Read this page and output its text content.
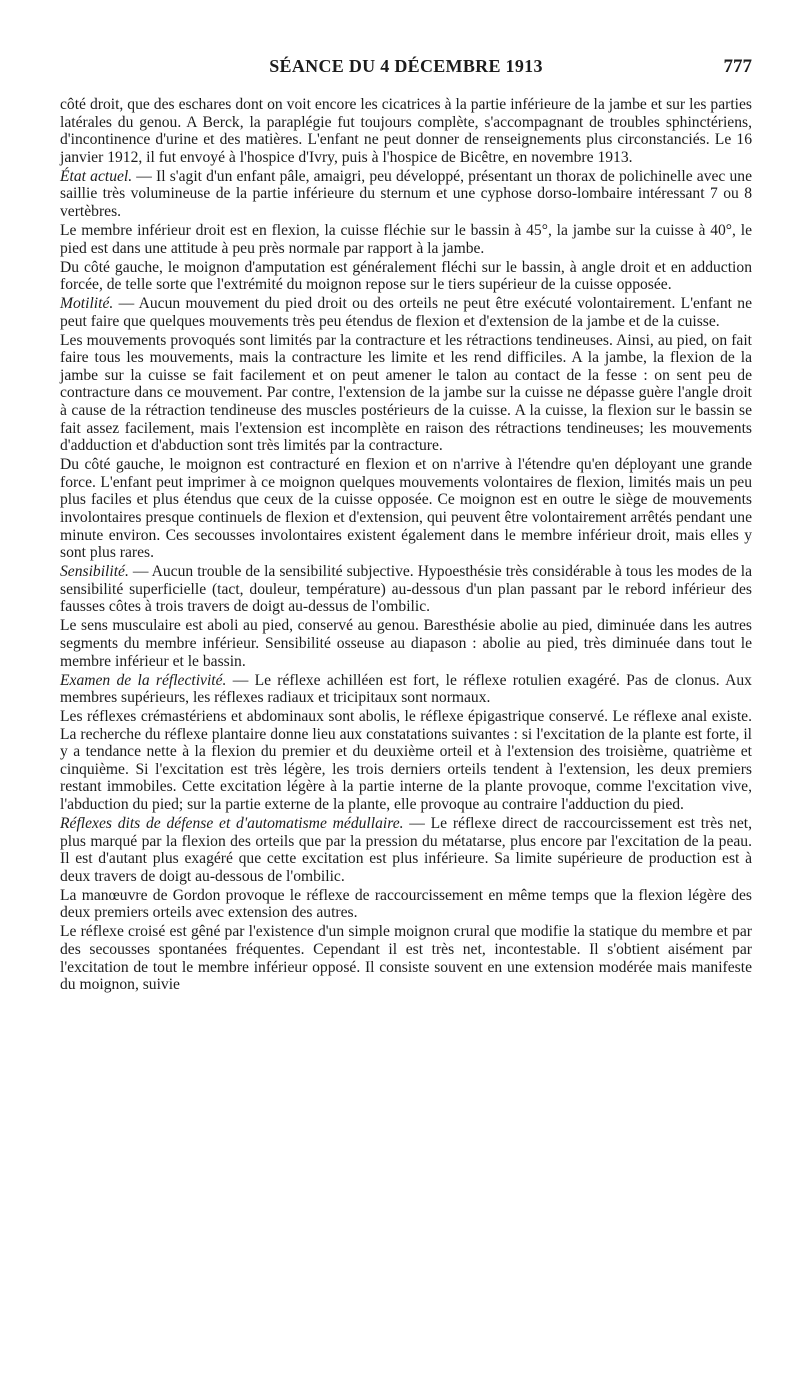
SÉANCE DU 4 DÉCEMBRE 1913	777

côté droit, que des eschares dont on voit encore les cicatrices à la partie inférieure de la jambe et sur les parties latérales du genou. A Berck, la paraplégie fut toujours complète, s'accompagnant de troubles sphinctériens, d'incontinence d'urine et des matières. L'enfant ne peut donner de renseignements plus circonstanciés. Le 16 janvier 1912, il fut envoyé à l'hospice d'Ivry, puis à l'hospice de Bicêtre, en novembre 1913.

État actuel. — Il s'agit d'un enfant pâle, amaigri, peu développé, présentant un thorax de polichinelle avec une saillie très volumineuse de la partie inférieure du sternum et une cyphose dorso-lombaire intéressant 7 ou 8 vertèbres.

Le membre inférieur droit est en flexion, la cuisse fléchie sur le bassin à 45°, la jambe sur la cuisse à 40°, le pied est dans une attitude à peu près normale par rapport à la jambe.

Du côté gauche, le moignon d'amputation est généralement fléchi sur le bassin, à angle droit et en adduction forcée, de telle sorte que l'extrémité du moignon repose sur le tiers supérieur de la cuisse opposée.

Motilité. — Aucun mouvement du pied droit ou des orteils ne peut être exécuté volontairement. L'enfant ne peut faire que quelques mouvements très peu étendus de flexion et d'extension de la jambe et de la cuisse.

Les mouvements provoqués sont limités par la contracture et les rétractions tendineuses. Ainsi, au pied, on fait faire tous les mouvements, mais la contracture les limite et les rend difficiles. A la jambe, la flexion de la jambe sur la cuisse se fait facilement et on peut amener le talon au contact de la fesse : on sent peu de contracture dans ce mouvement. Par contre, l'extension de la jambe sur la cuisse ne dépasse guère l'angle droit à cause de la rétraction tendineuse des muscles postérieurs de la cuisse. A la cuisse, la flexion sur le bassin se fait assez facilement, mais l'extension est incomplète en raison des rétractions tendineuses; les mouvements d'adduction et d'abduction sont très limités par la contracture.

Du côté gauche, le moignon est contracturé en flexion et on n'arrive à l'étendre qu'en déployant une grande force. L'enfant peut imprimer à ce moignon quelques mouvements volontaires de flexion, limités mais un peu plus faciles et plus étendus que ceux de la cuisse opposée. Ce moignon est en outre le siège de mouvements involontaires presque continuels de flexion et d'extension, qui peuvent être volontairement arrêtés pendant une minute environ. Ces secousses involontaires existent également dans le membre inférieur droit, mais elles y sont plus rares.

Sensibilité. — Aucun trouble de la sensibilité subjective. Hypoesthésie très considérable à tous les modes de la sensibilité superficielle (tact, douleur, température) au-dessous d'un plan passant par le rebord inférieur des fausses côtes à trois travers de doigt au-dessus de l'ombilic.

Le sens musculaire est aboli au pied, conservé au genou. Baresthésie abolie au pied, diminuée dans les autres segments du membre inférieur. Sensibilité osseuse au diapason : abolie au pied, très diminuée dans tout le membre inférieur et le bassin.

Examen de la réflectivité. — Le réflexe achilléen est fort, le réflexe rotulien exagéré. Pas de clonus. Aux membres supérieurs, les réflexes radiaux et tricipitaux sont normaux.

Les réflexes crémastériens et abdominaux sont abolis, le réflexe épigastrique conservé. Le réflexe anal existe. La recherche du réflexe plantaire donne lieu aux constatations suivantes : si l'excitation de la plante est forte, il y a tendance nette à la flexion du premier et du deuxième orteil et à l'extension des troisième, quatrième et cinquième. Si l'excitation est très légère, les trois derniers orteils tendent à l'extension, les deux premiers restant immobiles. Cette excitation légère à la partie interne de la plante provoque, comme l'excitation vive, l'abduction du pied; sur la partie externe de la plante, elle provoque au contraire l'adduction du pied.

Réflexes dits de défense et d'automatisme médullaire. — Le réflexe direct de raccourcissement est très net, plus marqué par la flexion des orteils que par la pression du métatarse, plus encore par l'excitation de la peau. Il est d'autant plus exagéré que cette excitation est plus inférieure. Sa limite supérieure de production est à deux travers de doigt au-dessous de l'ombilic.

La manœuvre de Gordon provoque le réflexe de raccourcissement en même temps que la flexion légère des deux premiers orteils avec extension des autres.

Le réflexe croisé est gêné par l'existence d'un simple moignon crural que modifie la statique du membre et par des secousses spontanées fréquentes. Cependant il est très net, incontestable. Il s'obtient aisément par l'excitation de tout le membre inférieur opposé. Il consiste souvent en une extension modérée mais manifeste du moignon, suivie
